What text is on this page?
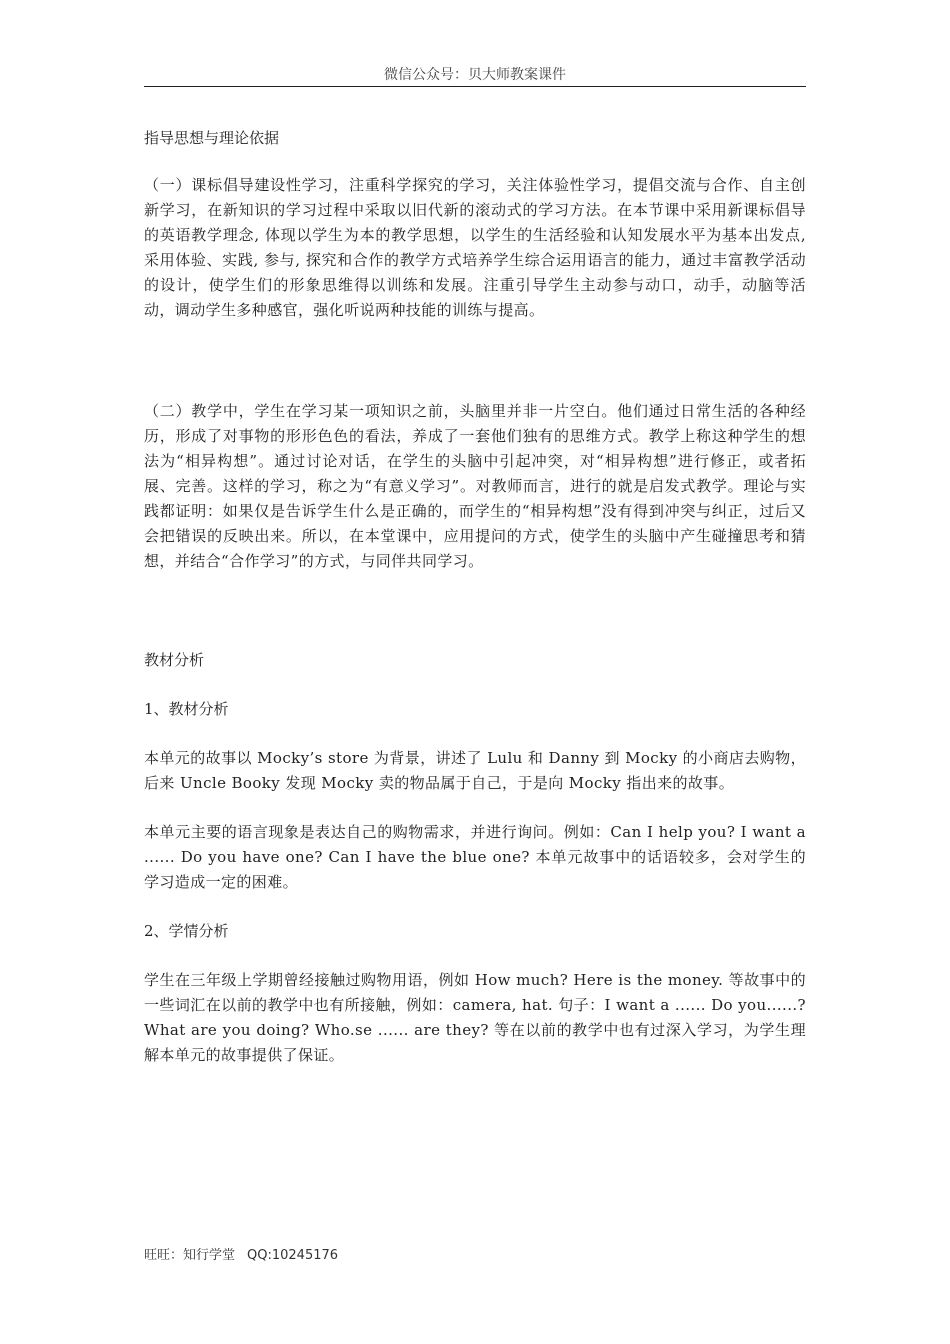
微信公众号：贝大师教案课件

指导思想与理论依据

（一）课标倡导建设性学习，注重科学探究的学习，关注体验性学习，提倡交流与合作、自主创新学习，在新知识的学习过程中采取以旧代新的滚动式的学习方法。在本节课中采用新课标倡导的英语教学理念, 体现以学生为本的教学思想，以学生的生活经验和认知发展水平为基本出发点, 采用体验、实践, 参与, 探究和合作的教学方式培养学生综合运用语言的能力，通过丰富教学活动的设计，使学生们的形象思维得以训练和发展。注重引导学生主动参与动口，动手，动脑等活动，调动学生多种感官，强化听说两种技能的训练与提高。

（二）教学中，学生在学习某一项知识之前，头脑里并非一片空白。他们通过日常生活的各种经历，形成了对事物的形形色色的看法，养成了一套他们独有的思维方式。教学上称这种学生的想法为“相异构想”。通过讨论对话，在学生的头脑中引起冲突，对“相异构想”进行修正，或者拓展、完善。这样的学习，称之为“有意义学习”。对教师而言，进行的就是启发式教学。理论与实践都证明：如果仅是告诉学生什么是正确的，而学生的“相异构想”没有得到冲突与纠正，过后又会把错误的反映出来。所以，在本堂课中，应用提问的方式，使学生的头脑中产生碰撞思考和猜想，并结合“合作学习”的方式，与同伴共同学习。

教材分析

1、教材分析

本单元的故事以 Mocky’s store 为背景，讲述了 Lulu 和 Danny 到 Mocky 的小商店去购物，后来 Uncle Booky 发现 Mocky 卖的物品属于自己，于是向 Mocky 指出来的故事。

本单元主要的语言现象是表达自己的购物需求，并进行询问。例如：Can I help you? I want a ...... Do you have one? Can I have the blue one? 本单元故事中的话语较多，会对学生的学习造成一定的困难。

2、学情分析

学生在三年级上学期曾经接触过购物用语，例如 How much? Here is the money. 等故事中的一些词汇在以前的教学中也有所接触，例如：camera, hat. 句子：I want a ...... Do you......? What are you doing? Who.se ...... are they? 等在以前的教学中也有过深入学习，为学生理解本单元的故事提供了保证。

旺旺：知行学堂 QQ:10245176
